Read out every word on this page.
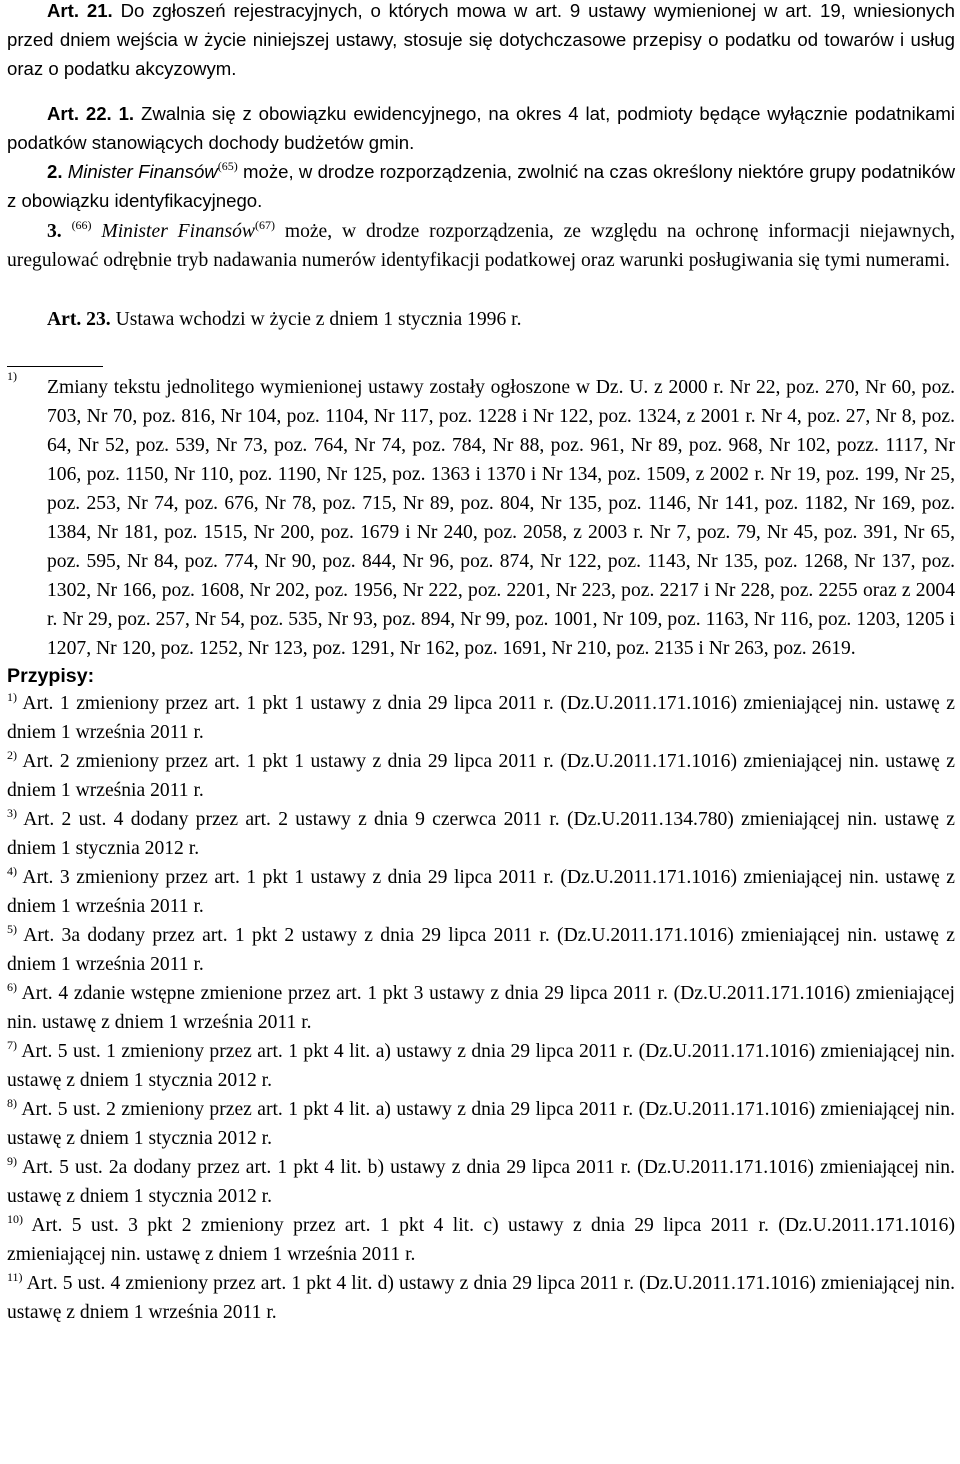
Art. 21. Do zgłoszeń rejestracyjnych, o których mowa w art. 9 ustawy wymienionej w art. 19, wniesionych przed dniem wejścia w życie niniejszej ustawy, stosuje się dotychczasowe przepisy o podatku od towarów i usług oraz o podatku akcyzowym.

Art. 22. 1. Zwalnia się z obowiązku ewidencyjnego, na okres 4 lat, podmioty będące wyłącznie podatnikami podatków stanowiących dochody budżetów gmin.

2. Minister Finansów$^{(65)}$ może, w drodze rozporządzenia, zwolnić na czas określony niektóre grupy podatników z obowiązku identyfikacyjnego.

3. $^{(66)}$ Minister Finansów$^{(67)}$ może, w drodze rozporządzenia, ze względu na ochronę informacji niejawnych, uregulować odrębnie tryb nadawania numerów identyfikacji podatkowej oraz warunki posługiwania się tymi numerami.

Art. 23. Ustawa wchodzi w życie z dniem 1 stycznia 1996 r.

1)
Zmiany tekstu jednolitego wymienionej ustawy zostały ogłoszone w Dz. U. z 2000 r. Nr 22, poz. 270, Nr 60, poz. 703, Nr 70, poz. 816, Nr 104, poz. 1104, Nr 117, poz. 1228 i Nr 122, poz. 1324, z 2001 r. Nr 4, poz. 27, Nr 8, poz. 64, Nr 52, poz. 539, Nr 73, poz. 764, Nr 74, poz. 784, Nr 88, poz. 961, Nr 89, poz. 968, Nr 102, pozz. 1117, Nr 106, poz. 1150, Nr 110, poz. 1190, Nr 125, poz. 1363 i 1370 i Nr 134, poz. 1509, z 2002 r. Nr 19, poz. 199, Nr 25, poz. 253, Nr 74, poz. 676, Nr 78, poz. 715, Nr 89, poz. 804, Nr 135, poz. 1146, Nr 141, poz. 1182, Nr 169, poz. 1384, Nr 181, poz. 1515, Nr 200, poz. 1679 i Nr 240, poz. 2058, z 2003 r. Nr 7, poz. 79, Nr 45, poz. 391, Nr 65, poz. 595, Nr 84, poz. 774, Nr 90, poz. 844, Nr 96, poz. 874, Nr 122, poz. 1143, Nr 135, poz. 1268, Nr 137, poz. 1302, Nr 166, poz. 1608, Nr 202, poz. 1956, Nr 222, poz. 2201, Nr 223, poz. 2217 i Nr 228, poz. 2255 oraz z 2004 r. Nr 29, poz. 257, Nr 54, poz. 535, Nr 93, poz. 894, Nr 99, poz. 1001, Nr 109, poz. 1163, Nr 116, poz. 1203, 1205 i 1207, Nr 120, poz. 1252, Nr 123, poz. 1291, Nr 162, poz. 1691, Nr 210, poz. 2135 i Nr 263, poz. 2619.
Przypisy:
$^{1)}$ Art. 1 zmieniony przez art. 1 pkt 1 ustawy z dnia 29 lipca 2011 r. (Dz.U.2011.171.1016) zmieniającej nin. ustawę z dniem 1 września 2011 r.
$^{2)}$ Art. 2 zmieniony przez art. 1 pkt 1 ustawy z dnia 29 lipca 2011 r. (Dz.U.2011.171.1016) zmieniającej nin. ustawę z dniem 1 września 2011 r.
$^{3)}$ Art. 2 ust. 4 dodany przez art. 2 ustawy z dnia 9 czerwca 2011 r. (Dz.U.2011.134.780) zmieniającej nin. ustawę z dniem 1 stycznia 2012 r.
$^{4)}$ Art. 3 zmieniony przez art. 1 pkt 1 ustawy z dnia 29 lipca 2011 r. (Dz.U.2011.171.1016) zmieniającej nin. ustawę z dniem 1 września 2011 r.
$^{5)}$ Art. 3a dodany przez art. 1 pkt 2 ustawy z dnia 29 lipca 2011 r. (Dz.U.2011.171.1016) zmieniającej nin. ustawę z dniem 1 września 2011 r.
$^{6)}$ Art. 4 zdanie wstępne zmienione przez art. 1 pkt 3 ustawy z dnia 29 lipca 2011 r. (Dz.U.2011.171.1016) zmieniającej nin. ustawę z dniem 1 września 2011 r.
$^{7)}$ Art. 5 ust. 1 zmieniony przez art. 1 pkt 4 lit. a) ustawy z dnia 29 lipca 2011 r. (Dz.U.2011.171.1016) zmieniającej nin. ustawę z dniem 1 stycznia 2012 r.
$^{8)}$ Art. 5 ust. 2 zmieniony przez art. 1 pkt 4 lit. a) ustawy z dnia 29 lipca 2011 r. (Dz.U.2011.171.1016) zmieniającej nin. ustawę z dniem 1 stycznia 2012 r.
$^{9)}$ Art. 5 ust. 2a dodany przez art. 1 pkt 4 lit. b) ustawy z dnia 29 lipca 2011 r. (Dz.U.2011.171.1016) zmieniającej nin. ustawę z dniem 1 stycznia 2012 r.
$^{10)}$ Art. 5 ust. 3 pkt 2 zmieniony przez art. 1 pkt 4 lit. c) ustawy z dnia 29 lipca 2011 r. (Dz.U.2011.171.1016) zmieniającej nin. ustawę z dniem 1 września 2011 r.
$^{11)}$ Art. 5 ust. 4 zmieniony przez art. 1 pkt 4 lit. d) ustawy z dnia 29 lipca 2011 r. (Dz.U.2011.171.1016) zmieniającej nin. ustawę z dniem 1 września 2011 r.
